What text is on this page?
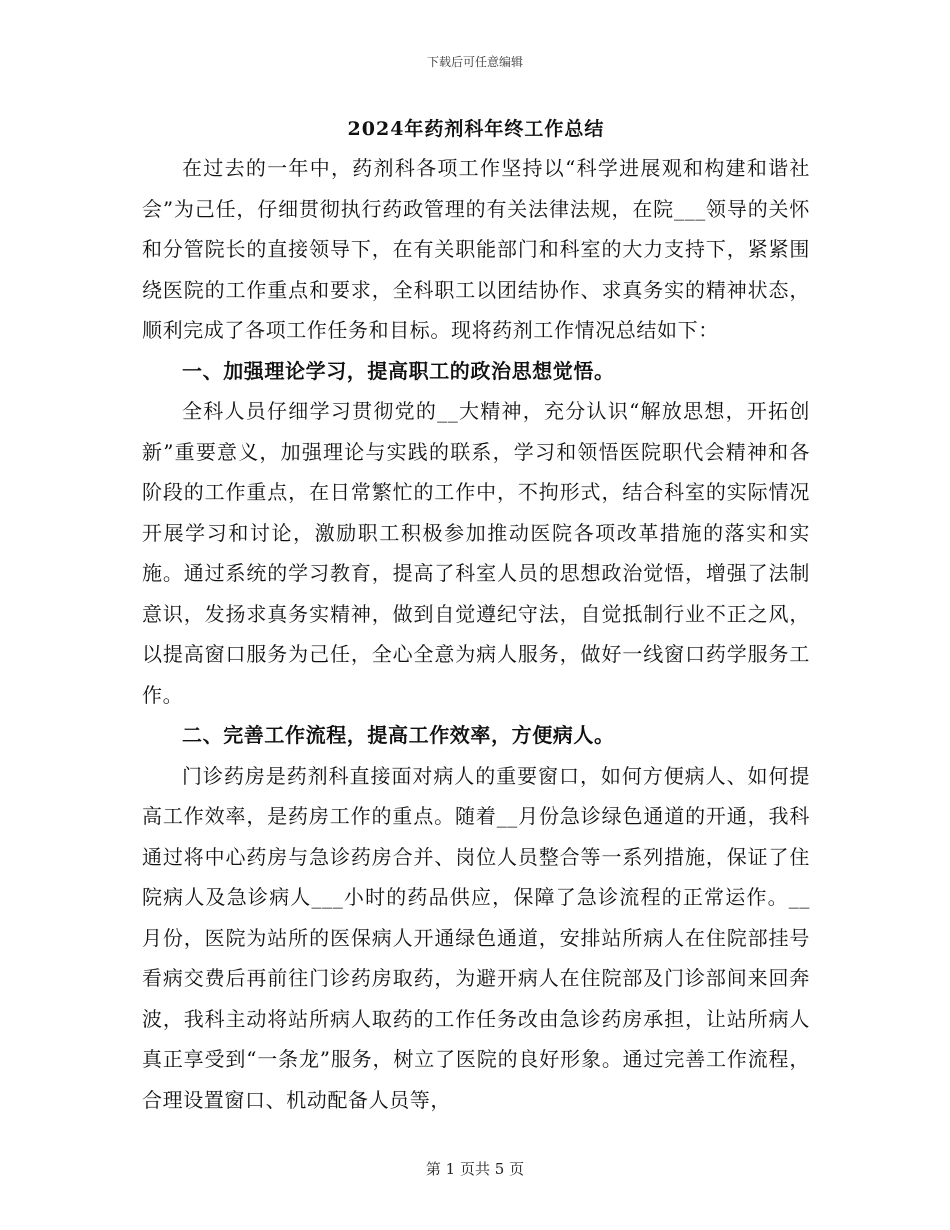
下载后可任意编辑
2024年药剂科年终工作总结

在过去的一年中，药剂科各项工作坚持以“科学进展观和构建和谐社会”为己任，仔细贯彻执行药政管理的有关法律法规，在院___领导的关怀和分管院长的直接领导下，在有关职能部门和科室的大力支持下，紧紧围绕医院的工作重点和要求，全科职工以团结协作、求真务实的精神状态，顺利完成了各项工作任务和目标。现将药剂工作情况总结如下：

一、加强理论学习，提高职工的政治思想觉悟。

全科人员仔细学习贯彻党的__大精神，充分认识“解放思想，开拓创新”重要意义，加强理论与实践的联系，学习和领悟医院职代会精神和各阶段的工作重点，在日常繁忙的工作中，不拘形式，结合科室的实际情况开展学习和讨论，激励职工积极参加推动医院各项改革措施的落实和实施。通过系统的学习教育，提高了科室人员的思想政治觉悟，增强了法制意识，发扬求真务实精神，做到自觉遵纪守法，自觉抵制行业不正之风，以提高窗口服务为己任，全心全意为病人服务，做好一线窗口药学服务工作。

二、完善工作流程，提高工作效率，方便病人。

门诊药房是药剂科直接面对病人的重要窗口，如何方便病人、如何提高工作效率，是药房工作的重点。随着__月份急诊绿色通道的开通，我科通过将中心药房与急诊药房合并、岗位人员整合等一系列措施，保证了住院病人及急诊病人___小时的药品供应，保障了急诊流程的正常运作。__月份，医院为站所的医保病人开通绿色通道，安排站所病人在住院部挂号看病交费后再前往门诊药房取药，为避开病人在住院部及门诊部间来回奔波，我科主动将站所病人取药的工作任务改由急诊药房承担，让站所病人真正享受到“一条龙”服务，树立了医院的良好形象。通过完善工作流程，合理设置窗口、机动配备人员等，

第 1 页共 5 页
